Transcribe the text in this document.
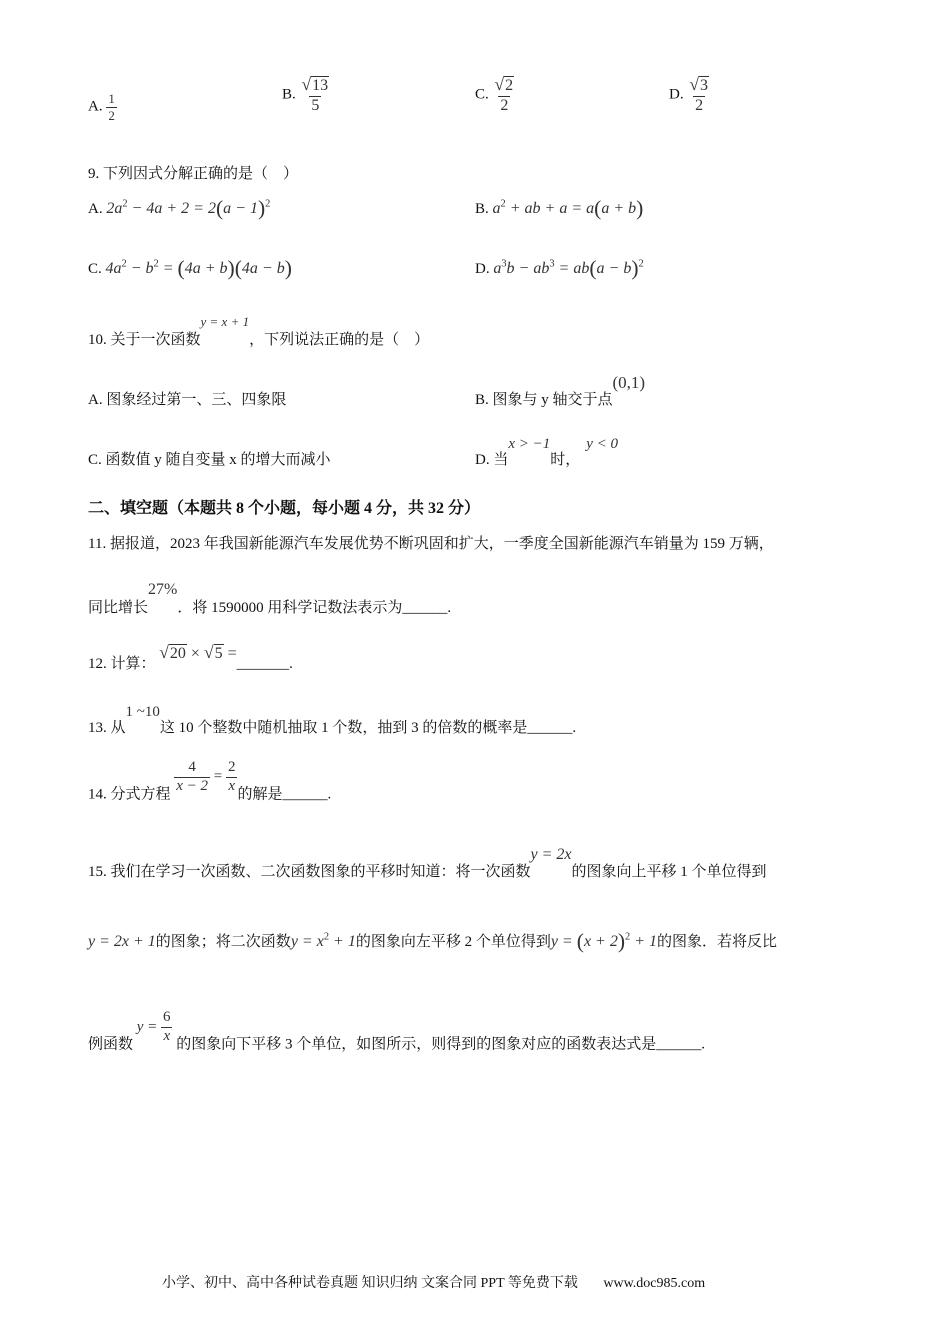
A. $\frac{1}{2}$	B. $\frac{√ 13}{5}$	C. $\frac{√ 2}{2}$	D. $\frac{√ 3}{2}$
9. 下列因式分解正确的是（　）
A. $2a^2 - 4a + 2 = 2(a - 1)^2$	B. $a^2$ + ab + a = a(a + b)
C. $4a^2 - b^2 = (4a + b)(4a - b)$	D. $a^3b - ab^3 = ab(a - b)^2$
10. 关于一次函数y = x + 1，下列说法正确的是（　）
A. 图象经过第一、三、四象限	B. 图象与 y 轴交于点(0,1)
C. 函数值 y 随自变量 x 的增大而减小	D. 当x > −1时，y < 0
二、填空题（本题共 8 个小题，每小题 4 分，共 32 分）
11. 据报道，2023 年我国新能源汽车发展优势不断巩固和扩大，一季度全国新能源汽车销量为 159 万辆，
同比增长27%．将 1590000 用科学记数法表示为______.
12. 计算：
√ 20 × √ 5 =_______.
13. 从1 ~10这 10 个整数中随机抽取 1 个数，抽到 3 的倍数的概率是______.
14. 分式方程
$\frac{4}{x - 2} = \frac{2}{x}$
的解是______.
15. 我们在学习一次函数、二次函数图象的平移时知道：将一次函数y = 2x的图象向上平移 1 个单位得到
y = 2x + 1的图象；将二次函数$y = x^2 + 1$的图象向左平移 2 个单位得到$y = (x + 2)^2 + 1$的图象．若将反比
例函数 $y = \frac{6}{x}$
的图象向下平移 3 个单位，如图所示，则得到的图象对应的函数表达式是______.
小学、初中、高中各种试卷真题 知识归纳 文案合同 PPT 等免费下载 www.doc985.com
